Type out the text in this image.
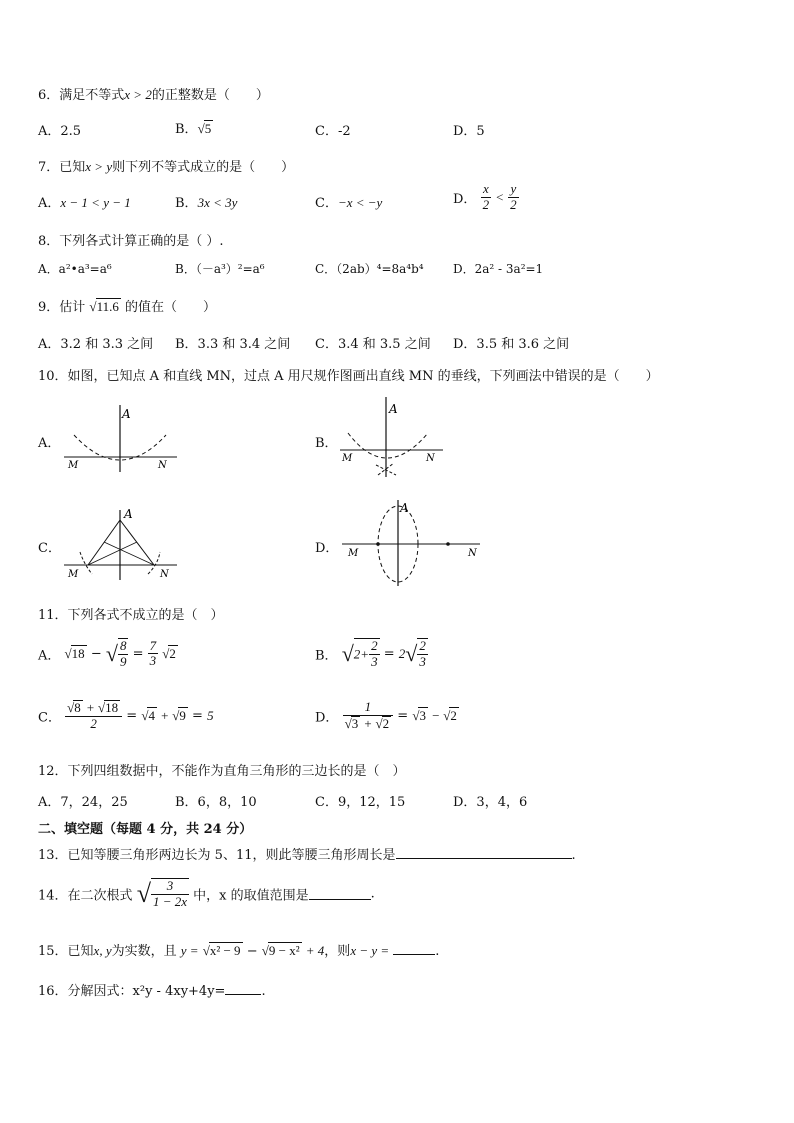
6．满足不等式x > 2的正整数是（　　）
A．2.5	B．√5	C．-2	D．5
7．已知x > y则下列不等式成立的是（　　）
A．x − 1 < y − 1	B．3x < 3y	C．−x < −y	D． $\frac{x}{2} < \frac{y}{2}$
8．下列各式计算正确的是（ ）.
A．a²•a³=a⁶	B．（－a³）²=a⁶	C．（2ab）⁴=8a⁴b⁴ D．2a² - 3a²=1
9．估计 √11.6 的值在（　　）
A．3.2 和 3.3 之间 B．3.3 和 3.4 之间 C．3.4 和 3.5 之间 D．3.5 和 3.6 之间
10．如图，已知点 A 和直线 MN，过点 A 用尺规作图画出直线 MN 的垂线，下列画法中错误的是（　　）
A．
A
M	N
B．
A
M	N
C．
A
M	N
D．
A
M	N
11．下列各式不成立的是（　）
A． √18 − √ $\frac{8}{9} = \frac{7}{3} √2$	B． $√2+ \frac{2}{3} = 2√ \frac{2}{3}$
C． $\frac{√8 + √18}{2} = √4 + √9 = 5$	D． $\frac{1}{√3 + √2} = √3 - √2$
12．下列四组数据中，不能作为直角三角形的三边长的是（　）
A．7，24，25	B．6，8，10	C．9，12，15	D．3，4，6
二、填空题（每题 4 分，共 24 分）
13．已知等腰三角形两边长为 5、11，则此等腰三角形周长是	.
14．在二次根式 √ $\frac{3}{1 - 2x}$ 中，x 的取值范围是	.
15．已知x, y为实数，且 y = √x² − 9 − √9 − x² + 4，则x − y =	.
16．分解因式：x²y - 4xy+4y=	.
